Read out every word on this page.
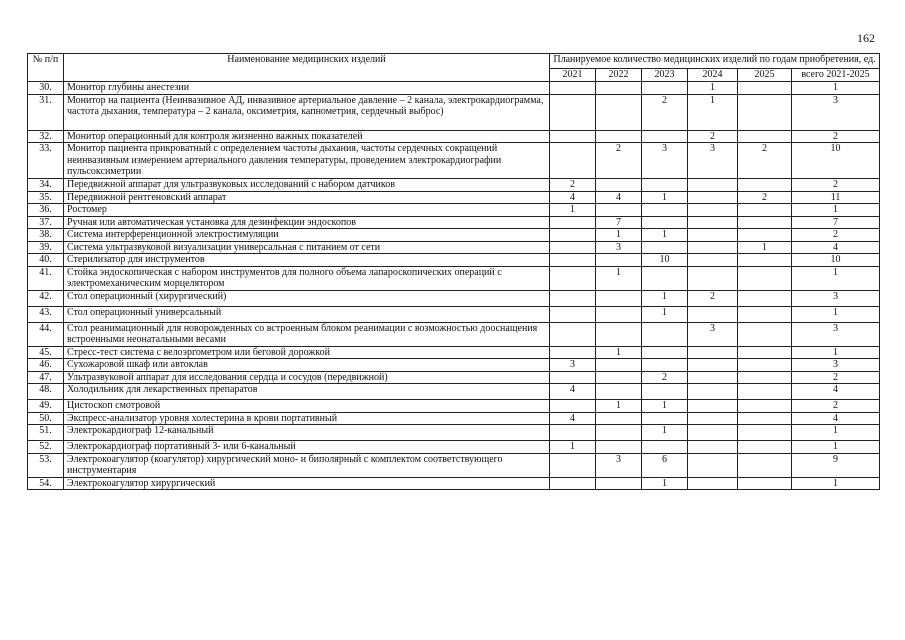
162
№ п/п	Наименование медицинских изделий	Планируемое количество медицинских изделий по годам приобретения, ед.					
		2021	2022	2023	2024	2025	всего 2021-2025
30.	Монитор глубины анестезии				1		1
31.	Монитор на пациента (Неинвазивное АД, инвазивное артериальное давление – 2 канала, электрокардиограмма, частота дыхания, температура – 2 канала, оксиметрия, капнометрия, сердечный выброс)			2	1		3
32.	Монитор операционный для контроля жизненно важных показателей				2		2
33.	Монитор пациента прикроватный с определением частоты дыхания, частоты сердечных сокращений неинвазивным измерением артериального давления температуры, проведением электрокардиографии пульсоксиметрии		2	3	3	2	10
34.	Передвижной аппарат для ультразвуковых исследований с набором датчиков	2					2
35.	Передвижной рентгеновский аппарат	4	4	1		2	11
36.	Ростомер	1					1
37.	Ручная или автоматическая установка для дезинфекции эндоскопов		7				7
38.	Система интерференционной электростимуляции		1	1			2
39.	Система ультразвуковой визуализации универсальная с питанием от сети		3			1	4
40.	Стерилизатор для инструментов			10			10
41.	Стойка эндоскопическая с набором инструментов для полного объема лапароскопических операций с электромеханическим морцелятором		1				1
42.	Стол операционный (хирургический)			1	2		3
43.	Стол операционный универсальный			1			1
44.	Стол реанимационный для новорожденных со встроенным блоком реанимации с возможностью дооснащения встроенными неонатальными весами				3		3
45.	Стресс-тест система с велоэргометром или беговой дорожкой		1				1
46.	Сухожаровой шкаф или автоклав	3					3
47.	Ультразвуковой аппарат для исследования сердца и сосудов (передвижной)			2			2
48.	Холодильник для лекарственных препаратов	4					4
49.	Цистоскоп смотровой		1	1			2
50.	Экспресс-анализатор уровня холестерина в крови портативный	4					4
51.	Электрокардиограф 12-канальный			1			1
52.	Электрокардиограф портативный 3- или 6-канальный	1					1
53.	Электрокоагулятор (коагулятор) хирургический моно- и биполярный с комплектом соответствующего инструментария		3	6			9
54.	Электрокоагулятор хирургический			1			1
